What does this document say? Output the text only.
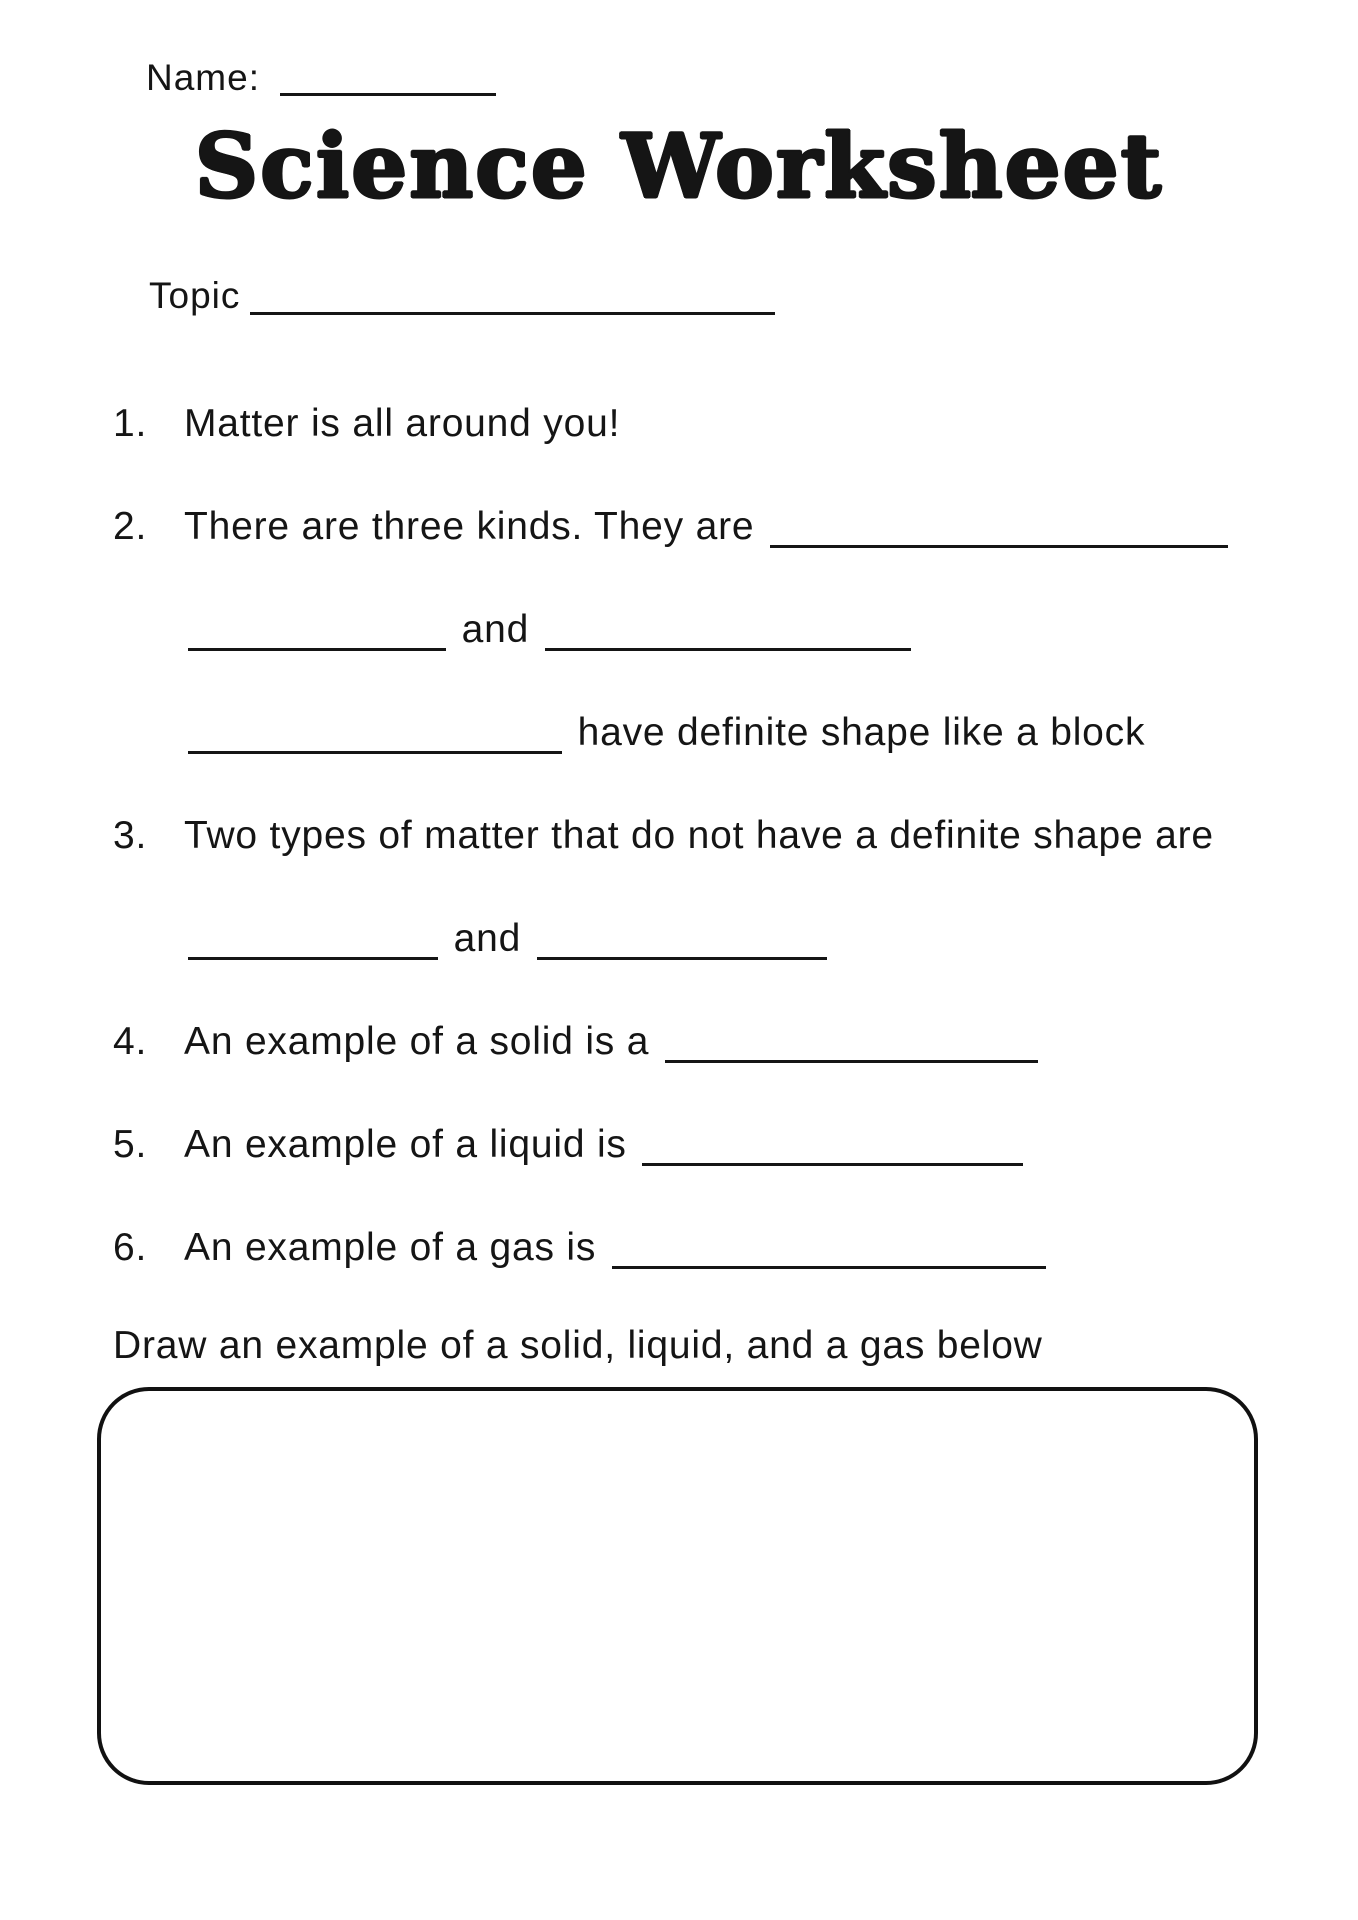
Name:
Science Worksheet
Topic
1. Matter is all around you!
2. There are three kinds. They are
and
have definite shape like a block
3. Two types of matter that do not have a definite shape are
and
4. An example of a solid is a
5. An example of a liquid is
6. An example of a gas is
Draw an example of a solid, liquid, and a gas below
